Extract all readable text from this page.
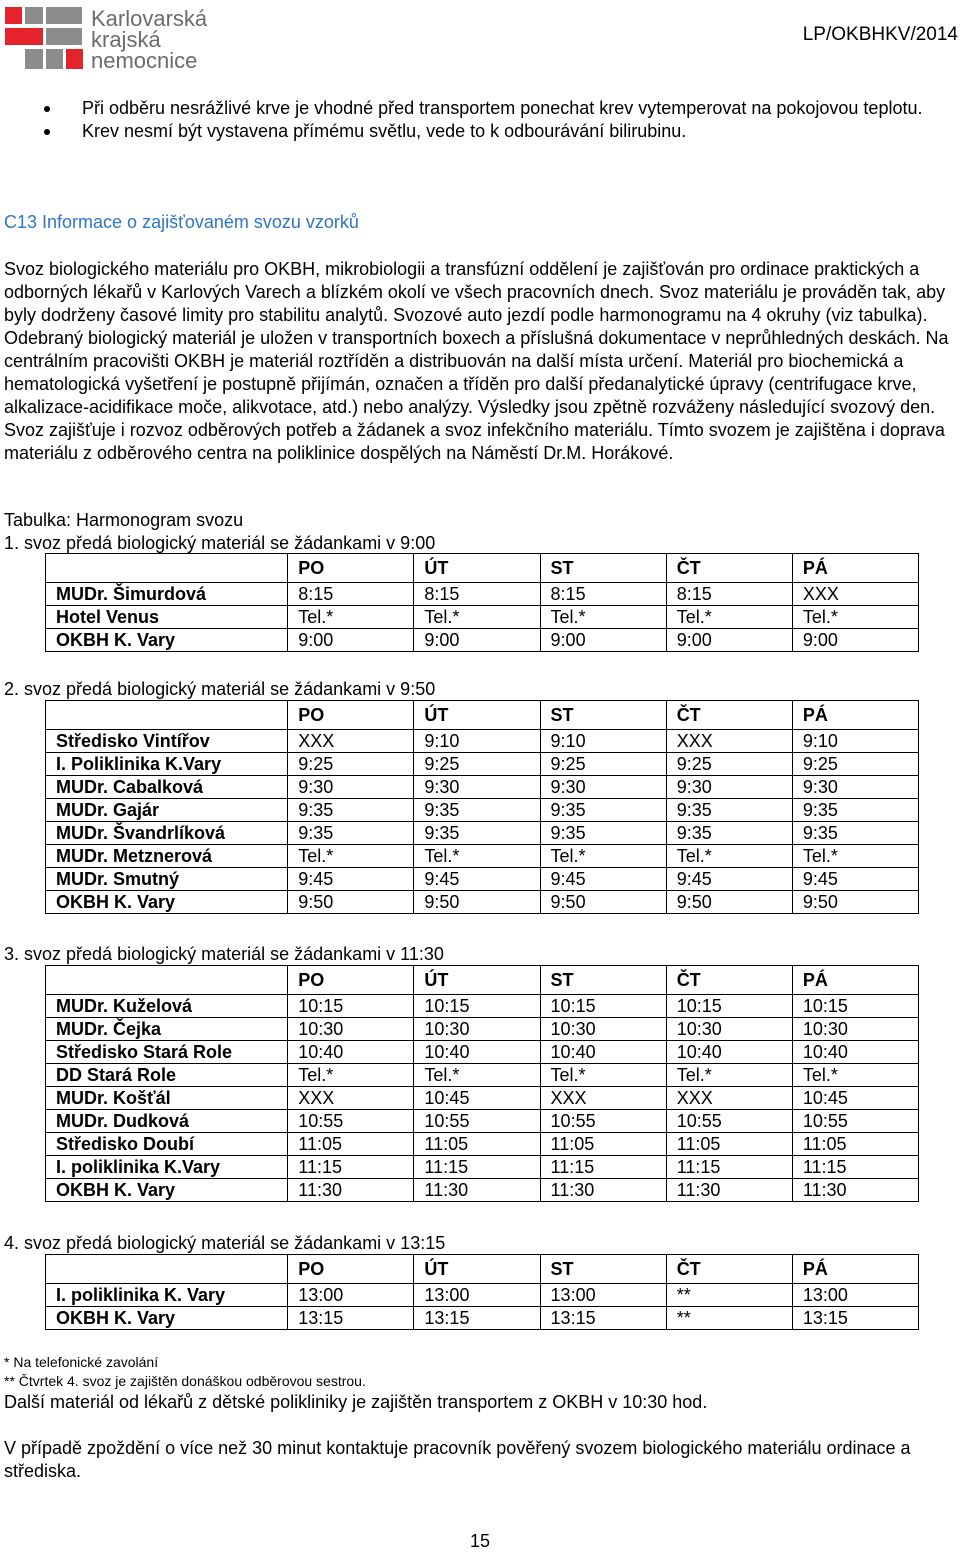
Karlovarská
krajská
nemocnice
LP/OKBHKV/2014
Při odběru nesrážlivé krve je vhodné před transportem ponechat krev vytemperovat na pokojovou teplotu.
Krev nesmí být vystavena přímému světlu, vede to k odbourávání bilirubinu.
C13 Informace o zajišťovaném svozu vzorků

Svoz biologického materiálu pro OKBH, mikrobiologii a transfúzní oddělení je zajišťován pro ordinace praktických a odborných lékařů v Karlových Varech a blízkém okolí ve všech pracovních dnech. Svoz materiálu je prováděn tak, aby byly dodrženy časové limity pro stabilitu analytů. Svozové auto jezdí podle harmonogramu na 4 okruhy (viz tabulka). Odebraný biologický materiál je uložen v transportních boxech a příslušná dokumentace v neprůhledných deskách. Na centrálním pracovišti OKBH je materiál roztříděn a distribuován na další místa určení. Materiál pro biochemická a hematologická vyšetření je postupně přijímán, označen a tříděn pro další předanalytické úpravy (centrifugace krve, alkalizace-acidifikace moče, alikvotace, atd.) nebo analýzy. Výsledky jsou zpětně rozváženy následující svozový den. Svoz zajišťuje i rozvoz odběrových potřeb a žádanek a svoz infekčního materiálu. Tímto svozem je zajištěna i doprava materiálu z odběrového centra na poliklinice dospělých na Náměstí Dr.M. Horákové.

Tabulka: Harmonogram svozu
1. svoz předá biologický materiál se žádankami v 9:00
	PO	ÚT	ST	ČT	PÁ
MUDr. Šimurdová	8:15	8:15	8:15	8:15	XXX
Hotel Venus	Tel.*	Tel.*	Tel.*	Tel.*	Tel.*
OKBH K. Vary	9:00	9:00	9:00	9:00	9:00
2. svoz předá biologický materiál se žádankami v 9:50
	PO	ÚT	ST	ČT	PÁ
Středisko Vintířov	XXX	9:10	9:10	XXX	9:10
I. Poliklinika K.Vary	9:25	9:25	9:25	9:25	9:25
MUDr. Cabalková	9:30	9:30	9:30	9:30	9:30
MUDr. Gajár	9:35	9:35	9:35	9:35	9:35
MUDr. Švandrlíková	9:35	9:35	9:35	9:35	9:35
MUDr. Metznerová	Tel.*	Tel.*	Tel.*	Tel.*	Tel.*
MUDr. Smutný	9:45	9:45	9:45	9:45	9:45
OKBH K. Vary	9:50	9:50	9:50	9:50	9:50
3. svoz předá biologický materiál se žádankami v 11:30
	PO	ÚT	ST	ČT	PÁ
MUDr. Kuželová	10:15	10:15	10:15	10:15	10:15
MUDr. Čejka	10:30	10:30	10:30	10:30	10:30
Středisko Stará Role	10:40	10:40	10:40	10:40	10:40
DD Stará Role	Tel.*	Tel.*	Tel.*	Tel.*	Tel.*
MUDr. Košťál	XXX	10:45	XXX	XXX	10:45
MUDr. Dudková	10:55	10:55	10:55	10:55	10:55
Středisko Doubí	11:05	11:05	11:05	11:05	11:05
I. poliklinika K.Vary	11:15	11:15	11:15	11:15	11:15
OKBH K. Vary	11:30	11:30	11:30	11:30	11:30
4. svoz předá biologický materiál se žádankami v 13:15
	PO	ÚT	ST	ČT	PÁ
I. poliklinika K. Vary	13:00	13:00	13:00	**	13:00
OKBH K. Vary	13:15	13:15	13:15	**	13:15
* Na telefonické zavolání
** Čtvrtek 4. svoz je zajištěn donáškou odběrovou sestrou.

Další materiál od lékařů z dětské polikliniky je zajištěn transportem z OKBH v 10:30 hod.

V případě zpoždění o více než 30 minut kontaktuje pracovník pověřený svozem biologického materiálu ordinace a střediska.

15
